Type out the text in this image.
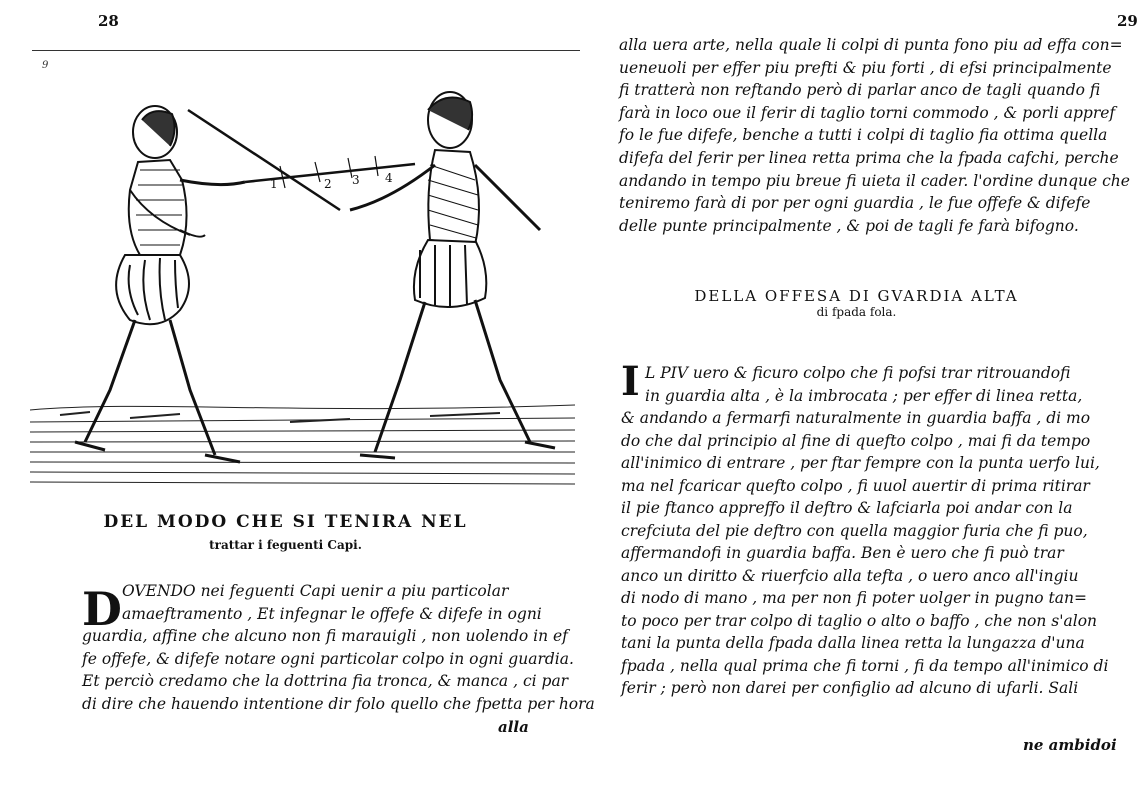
28
9
1	2 3 4
DEL MODO CHE SI TENIRA NEL
trattar i feguenti Capi.
D OVENDO nei feguenti Capi uenir a piu particolar
amaeftramento , Et infegnar le offefe & difefe in ogni
guardia, affine che alcuno non fi marauigli , non uolendo in ef
fe offefe, & difefe notare ogni particolar colpo in ogni guardia.
Et perciò credamo che la dottrina fia tronca, & manca , ci par
di dire che hauendo intentione dir folo quello che fpetta per hora
alla
29
alla uera arte, nella quale li colpi di punta fono piu ad effa con=
ueneuoli per effer piu prefti & piu forti , di efsi principalmente
fi tratterà non reftando però di parlar anco de tagli quando fi
farà in loco oue il ferir di taglio torni commodo , & porli appref
fo le fue difefe, benche a tutti i colpi di taglio fia ottima quella
difefa del ferir per linea retta prima che la fpada cafchi, perche
andando in tempo piu breue fi uieta il cader. l'ordine dunque che
teniremo farà di por per ogni guardia , le fue offefe & difefe
delle punte principalmente , & poi de tagli fe farà bifogno.
DELLA OFFESA DI GVARDIA ALTA
di fpada fola.
I L PIV uero & ficuro colpo che fi pofsi trar ritrouandofi
in guardia alta , è la imbrocata ; per effer di linea retta,
& andando a fermarfi naturalmente in guardia baffa , di mo
do che dal principio al fine di quefto colpo , mai fi da tempo
all'inimico di entrare , per ftar fempre con la punta uerfo lui,
ma nel fcaricar quefto colpo , fi uuol auertir di prima ritirar
il pie ftanco appreffo il deftro & lafciarla poi andar con la
crefciuta del pie deftro con quella maggior furia che fi puo,
affermandofi in guardia baffa. Ben è uero che fi può trar
anco un diritto & riuerfcio alla tefta , o uero anco all'ingiu
di nodo di mano , ma per non fi poter uolger in pugno tan=
to poco per trar colpo di taglio o alto o baffo , che non s'alon
tani la punta della fpada dalla linea retta la lungazza d'una
fpada , nella qual prima che fi torni , fi da tempo all'inimico di
ferir ; però non darei per configlio ad alcuno di ufarli. Sali
ne ambidoi
